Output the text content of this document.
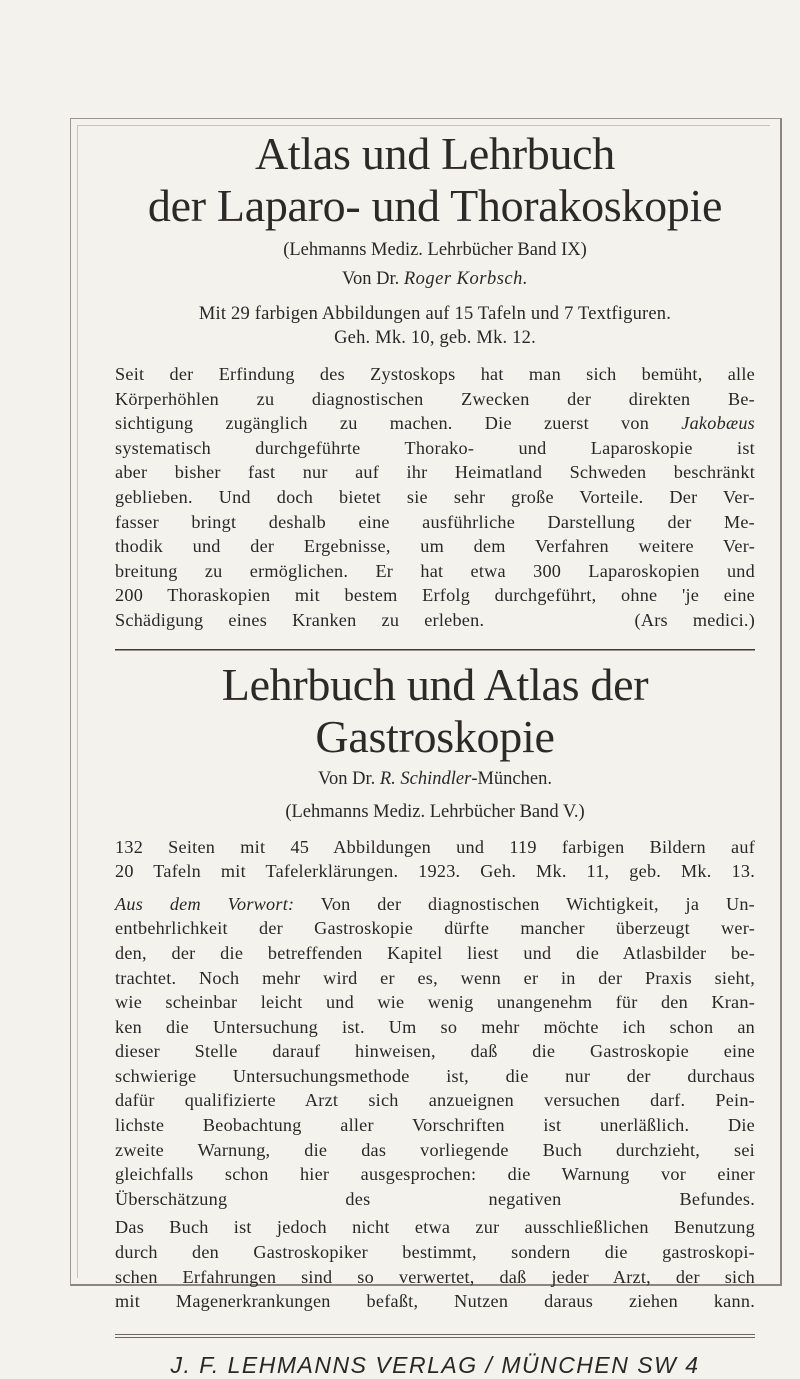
Atlas und Lehrbuch
der Laparo- und Thorakoskopie

(Lehmanns Mediz. Lehrbücher Band IX)

Von Dr. Roger Korbsch.

Mit 29 farbigen Abbildungen auf 15 Tafeln und 7 Textfiguren.

Geh. Mk. 10, geb. Mk. 12.

Seit der Erfindung des Zystoskops hat man sich bemüht, alle
Körperhöhlen zu diagnostischen Zwecken der direkten Be-
sichtigung zugänglich zu machen. Die zuerst von Jakobæus
systematisch durchgeführte Thorako- und Laparoskopie ist
aber bisher fast nur auf ihr Heimatland Schweden beschränkt
geblieben. Und doch bietet sie sehr große Vorteile. Der Ver-
fasser bringt deshalb eine ausführliche Darstellung der Me-
thodik und der Ergebnisse, um dem Verfahren weitere Ver-
breitung zu ermöglichen. Er hat etwa 300 Laparoskopien und
200 Thoraskopien mit bestem Erfolg durchgeführt, ohne 'je eine
Schädigung eines Kranken zu erleben.      (Ars medici.)
Lehrbuch und Atlas der Gastroskopie

Von Dr. R. Schindler-München.

(Lehmanns Mediz. Lehrbücher Band V.)

132 Seiten mit 45 Abbildungen und 119 farbigen Bildern auf
20 Tafeln mit Tafelerklärungen. 1923. Geh. Mk. 11, geb. Mk. 13.
Aus dem Vorwort: Von der diagnostischen Wichtigkeit, ja Un-
entbehrlichkeit der Gastroskopie dürfte mancher überzeugt wer-
den, der die betreffenden Kapitel liest und die Atlasbilder be-
trachtet. Noch mehr wird er es, wenn er in der Praxis sieht,
wie scheinbar leicht und wie wenig unangenehm für den Kran-
ken die Untersuchung ist. Um so mehr möchte ich schon an
dieser Stelle darauf hinweisen, daß die Gastroskopie eine
schwierige Untersuchungsmethode ist, die nur der durchaus
dafür qualifizierte Arzt sich anzueignen versuchen darf. Pein-
lichste Beobachtung aller Vorschriften ist unerläßlich. Die
zweite Warnung, die das vorliegende Buch durchzieht, sei
gleichfalls schon hier ausgesprochen: die Warnung vor einer
Überschätzung des negativen Befundes.
Das Buch ist jedoch nicht etwa zur ausschließlichen Benutzung
durch den Gastroskopiker bestimmt, sondern die gastroskopi-
schen Erfahrungen sind so verwertet, daß jeder Arzt, der sich
mit Magenerkrankungen befaßt, Nutzen daraus ziehen kann.

J. F. LEHMANNS VERLAG / MÜNCHEN SW 4
